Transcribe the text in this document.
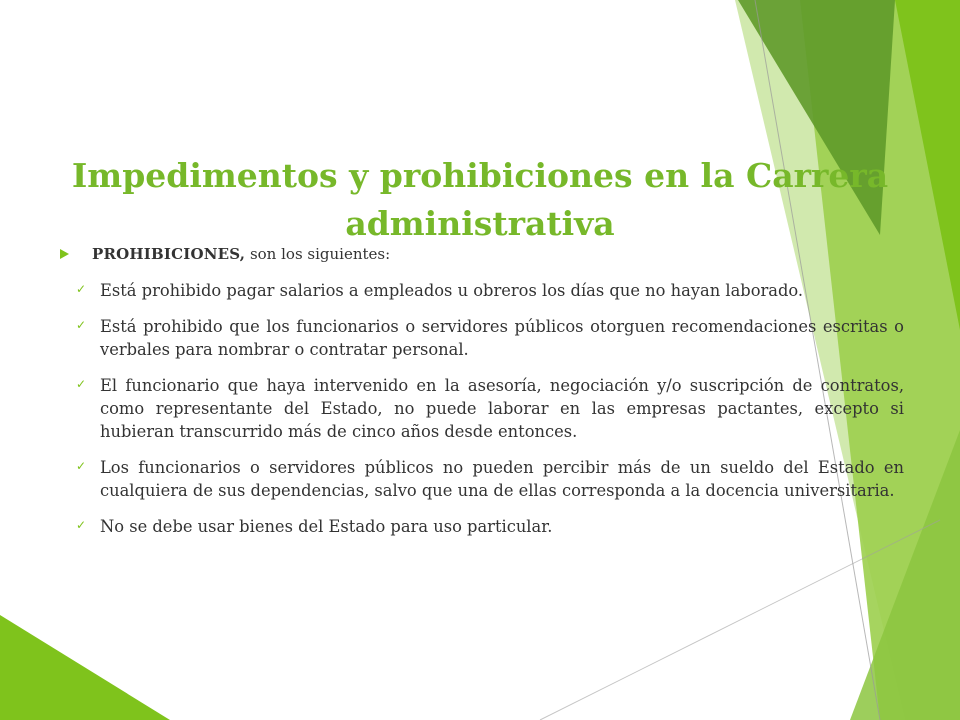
Impedimentos y prohibiciones en la Carrera administrativa
PROHIBICIONES, son los siguientes:
✓ Está prohibido pagar salarios a empleados u obreros los días que no hayan laborado.
✓ Está prohibido que los funcionarios o servidores públicos otorguen recomendaciones escritas o verbales para nombrar o contratar personal.
✓ El funcionario que haya intervenido en la asesoría, negociación y/o suscripción de contratos, como representante del Estado, no puede laborar en las empresas pactantes, excepto si hubieran transcurrido más de cinco años desde entonces.
✓ Los funcionarios o servidores públicos no pueden percibir más de un sueldo del Estado en cualquiera de sus dependencias, salvo que una de ellas corresponda a la docencia universitaria.
✓ No se debe usar bienes del Estado para uso particular.
